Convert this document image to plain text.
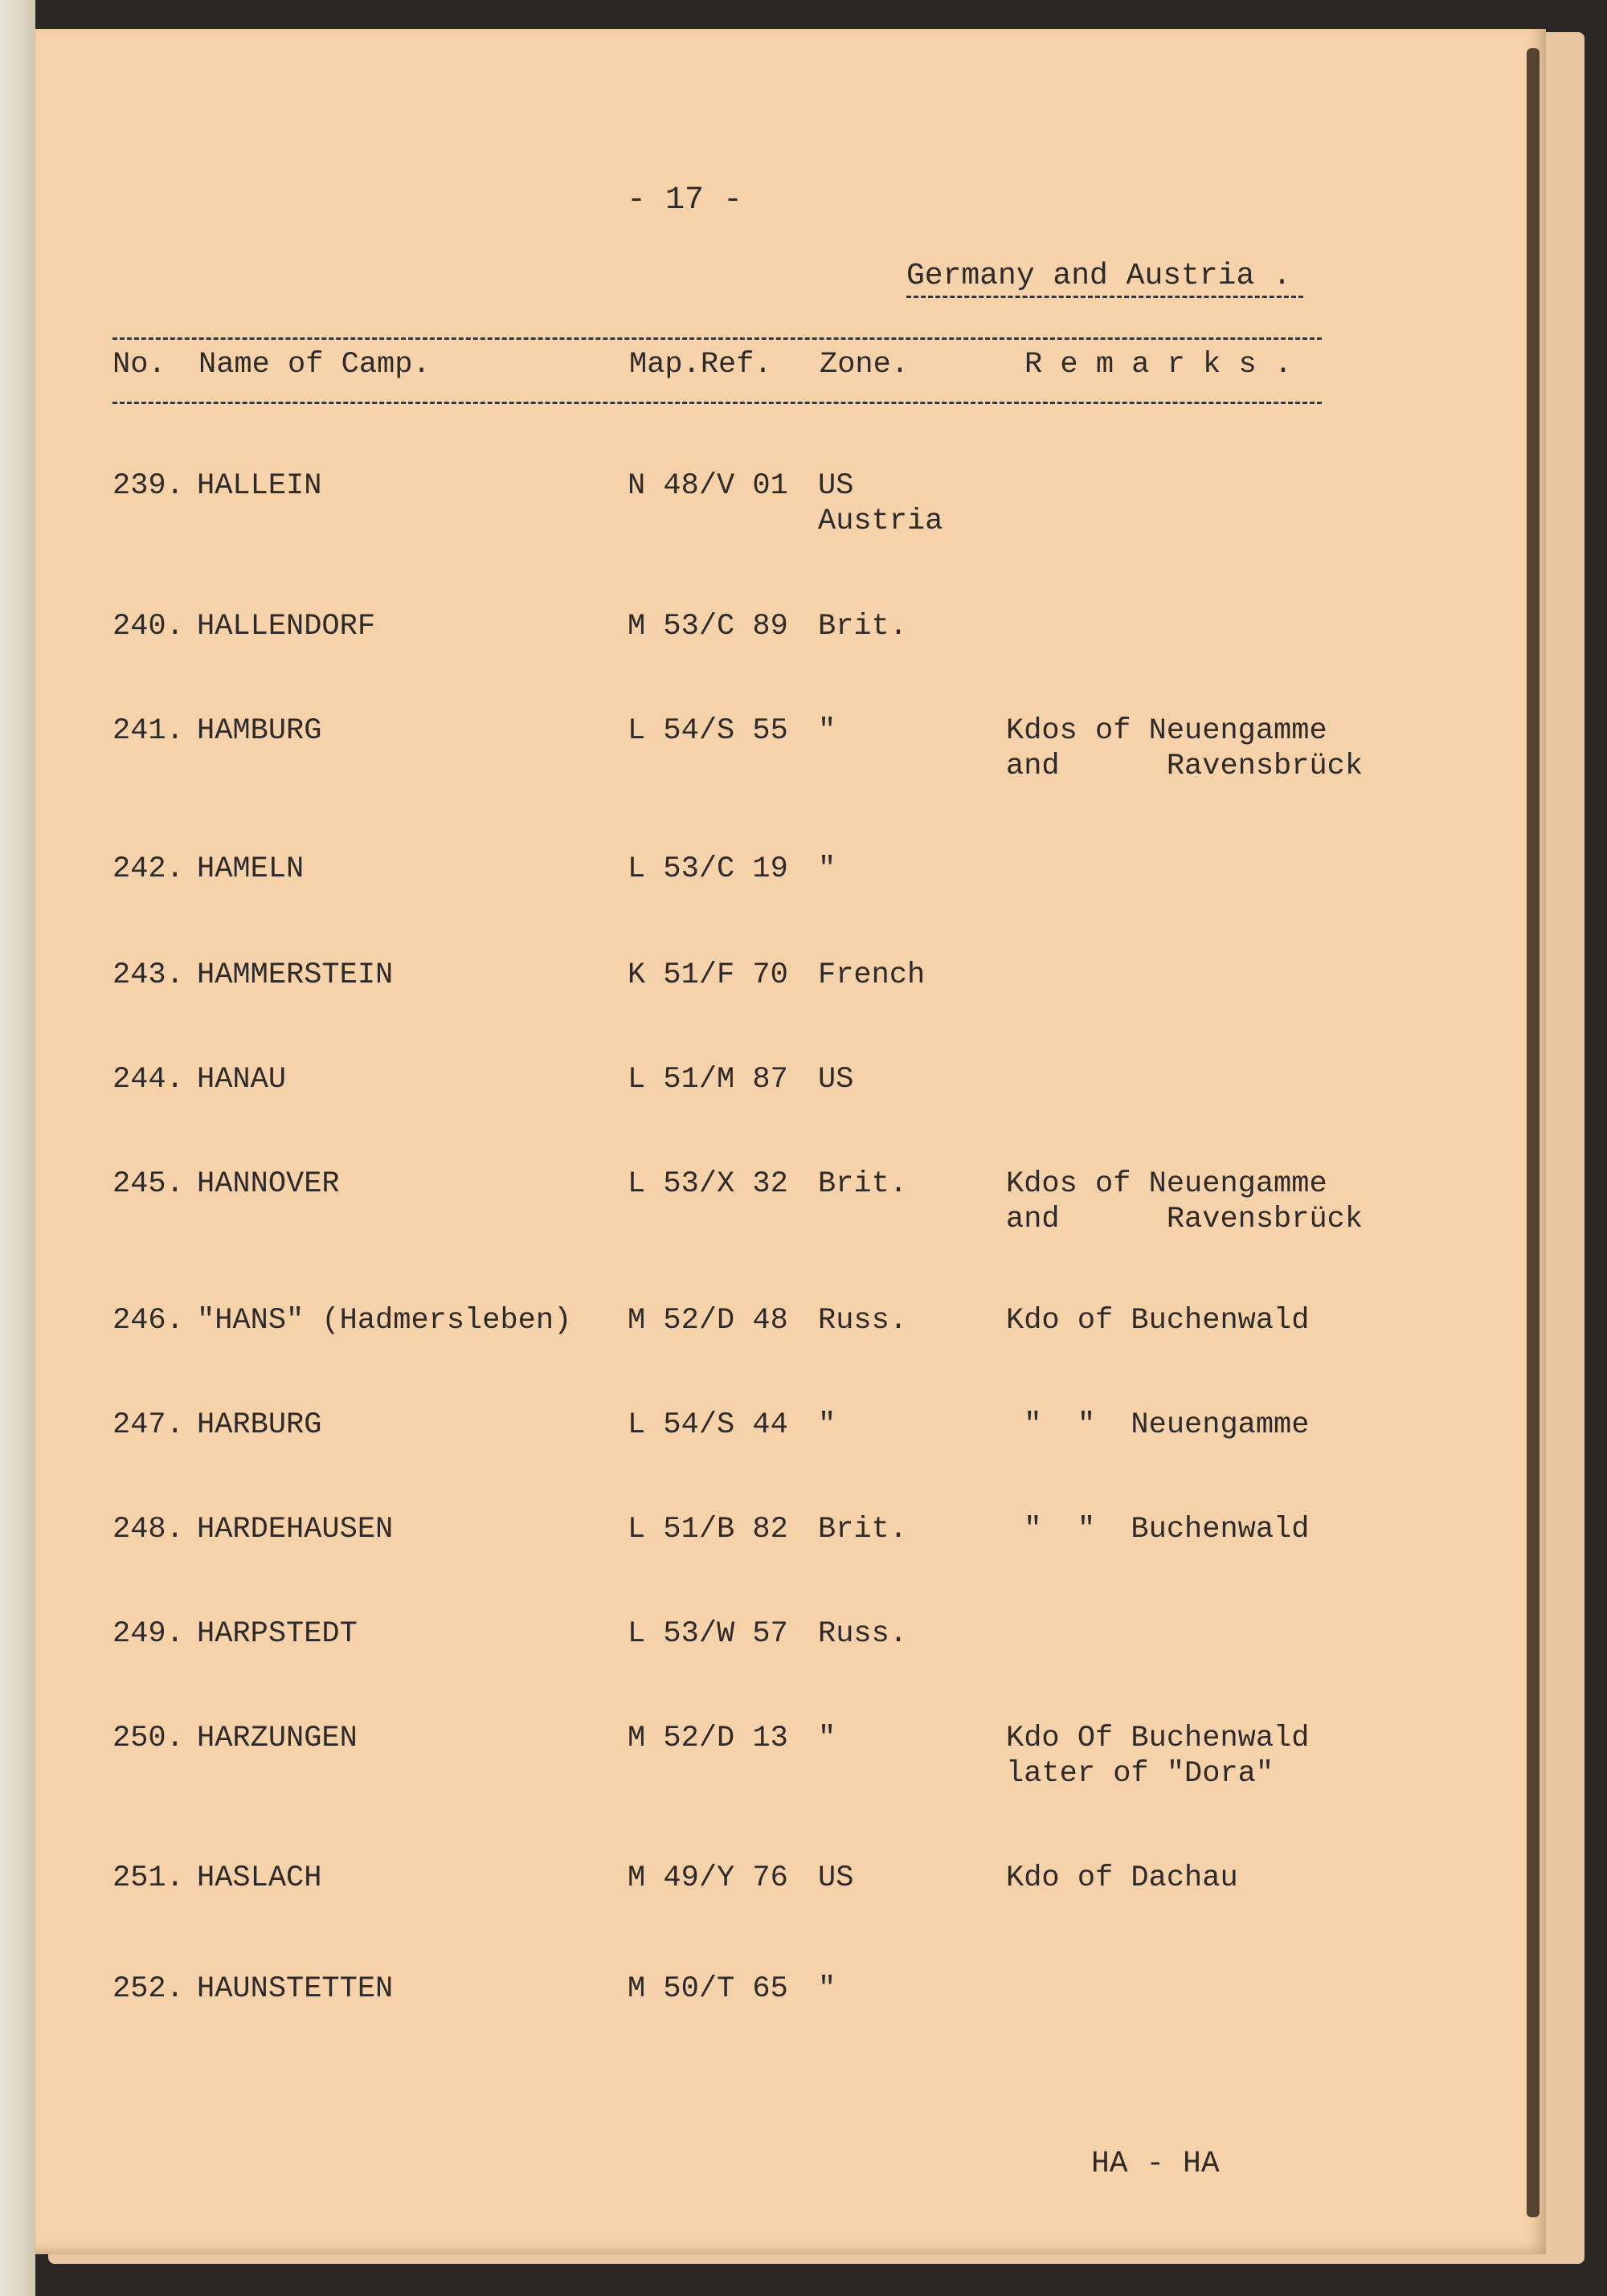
- 17 -
Germany and Austria .
No. Name of Camp.	Map.Ref. Zone.	R e m a r k s .
239. HALLEIN	N 48/V 01 US
Austria
240. HALLENDORF	M 53/C 89 Brit.
241. HAMBURG	L 54/S 55 "	Kdos of Neuengamme
and      Ravensbrück
242. HAMELN	L 53/C 19 "
243. HAMMERSTEIN	K 51/F 70 French
244. HANAU	L 51/M 87 US
245. HANNOVER	L 53/X 32 Brit.	Kdos of Neuengamme
and      Ravensbrück
246. "HANS" (Hadmersleben) M 52/D 48 Russ.	Kdo of Buchenwald
247. HARBURG	L 54/S 44 "	"  "  Neuengamme
248. HARDEHAUSEN	L 51/B 82 Brit.	"  "  Buchenwald
249. HARPSTEDT	L 53/W 57 Russ.
250. HARZUNGEN	M 52/D 13 "	Kdo Of Buchenwald
later of "Dora"
251. HASLACH	M 49/Y 76 US	Kdo of Dachau
252. HAUNSTETTEN	M 50/T 65 "
HA - HA
